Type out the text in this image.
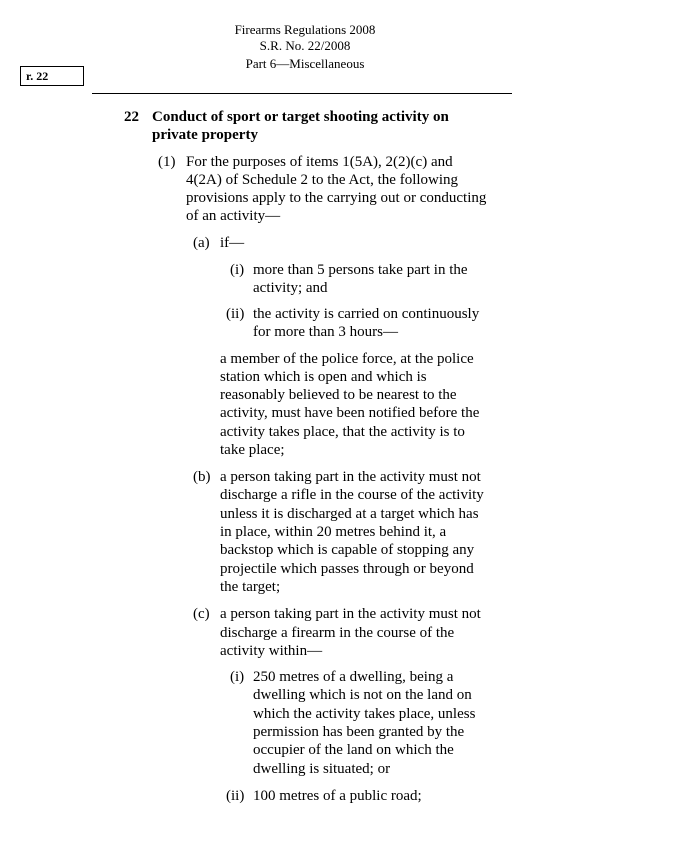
Firearms Regulations 2008
S.R. No. 22/2008
Part 6—Miscellaneous
r. 22
22 Conduct of sport or target shooting activity on
private property
(1) For the purposes of items 1(5A), 2(2)(c) and
4(2A) of Schedule 2 to the Act, the following
provisions apply to the carrying out or conducting
of an activity—
(a) if—
(i) more than 5 persons take part in the
activity; and
(ii) the activity is carried on continuously
for more than 3 hours—
a member of the police force, at the police
station which is open and which is
reasonably believed to be nearest to the
activity, must have been notified before the
activity takes place, that the activity is to
take place;
(b) a person taking part in the activity must not
discharge a rifle in the course of the activity
unless it is discharged at a target which has
in place, within 20 metres behind it, a
backstop which is capable of stopping any
projectile which passes through or beyond
the target;
(c) a person taking part in the activity must not
discharge a firearm in the course of the
activity within—
(i) 250 metres of a dwelling, being a
dwelling which is not on the land on
which the activity takes place, unless
permission has been granted by the
occupier of the land on which the
dwelling is situated; or
(ii) 100 metres of a public road;
